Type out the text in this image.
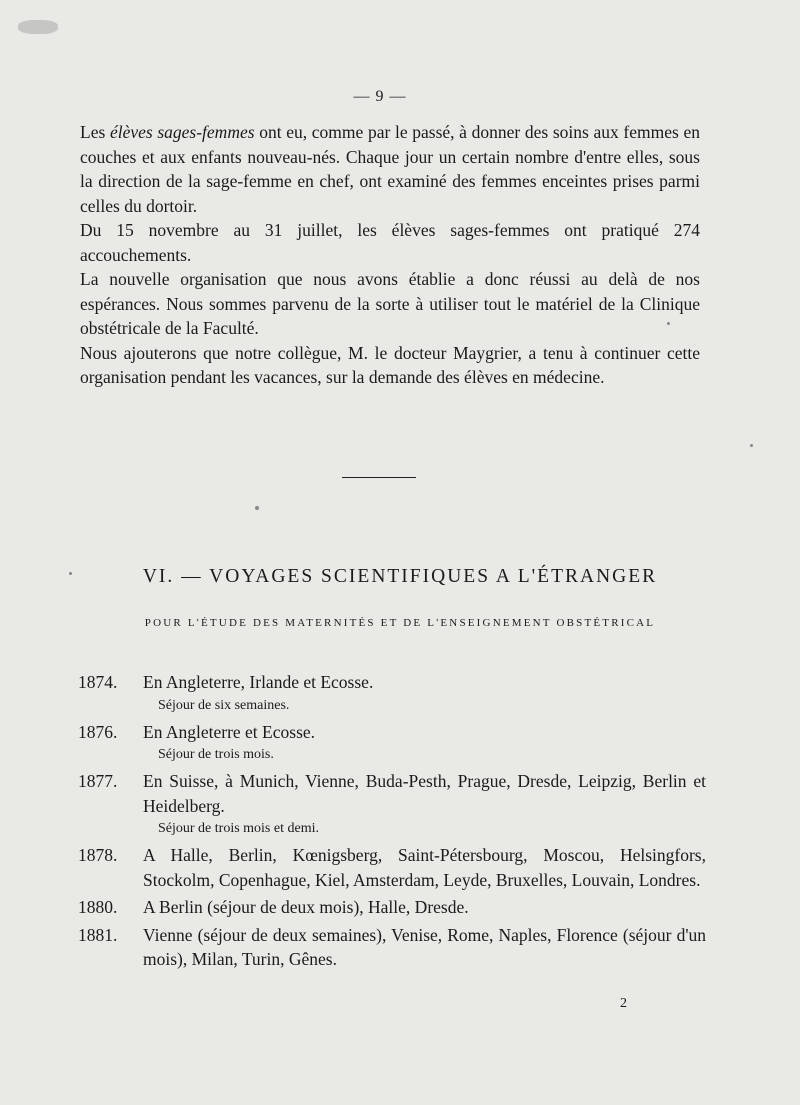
— 9 —

Les élèves sages-femmes ont eu, comme par le passé, à donner des soins aux femmes en couches et aux enfants nouveau-nés. Chaque jour un certain nombre d'entre elles, sous la direction de la sage-femme en chef, ont examiné des femmes enceintes prises parmi celles du dortoir.

Du 15 novembre au 31 juillet, les élèves sages-femmes ont pratiqué 274 accouchements.

La nouvelle organisation que nous avons établie a donc réussi au delà de nos espérances. Nous sommes parvenu de la sorte à utiliser tout le matériel de la Clinique obstétricale de la Faculté.

Nous ajouterons que notre collègue, M. le docteur Maygrier, a tenu à continuer cette organisation pendant les vacances, sur la demande des élèves en médecine.

VI. — VOYAGES SCIENTIFIQUES A L'ÉTRANGER
POUR L'ÉTUDE DES MATERNITÉS ET DE L'ENSEIGNEMENT OBSTÉTRICAL
1874.	En Angleterre, Irlande et Ecosse.
Séjour de six semaines.
1876.	En Angleterre et Ecosse.
Séjour de trois mois.
1877.	En Suisse, à Munich, Vienne, Buda-Pesth, Prague, Dresde, Leipzig, Berlin et Heidelberg.
Séjour de trois mois et demi.
1878.	A Halle, Berlin, Kœnigsberg, Saint-Pétersbourg, Moscou, Helsingfors, Stockolm, Copenhague, Kiel, Amsterdam, Leyde, Bruxelles, Louvain, Londres.
1880.	A Berlin (séjour de deux mois), Halle, Dresde.
1881.	Vienne (séjour de deux semaines), Venise, Rome, Naples, Florence (séjour d'un mois), Milan, Turin, Gênes.
2
